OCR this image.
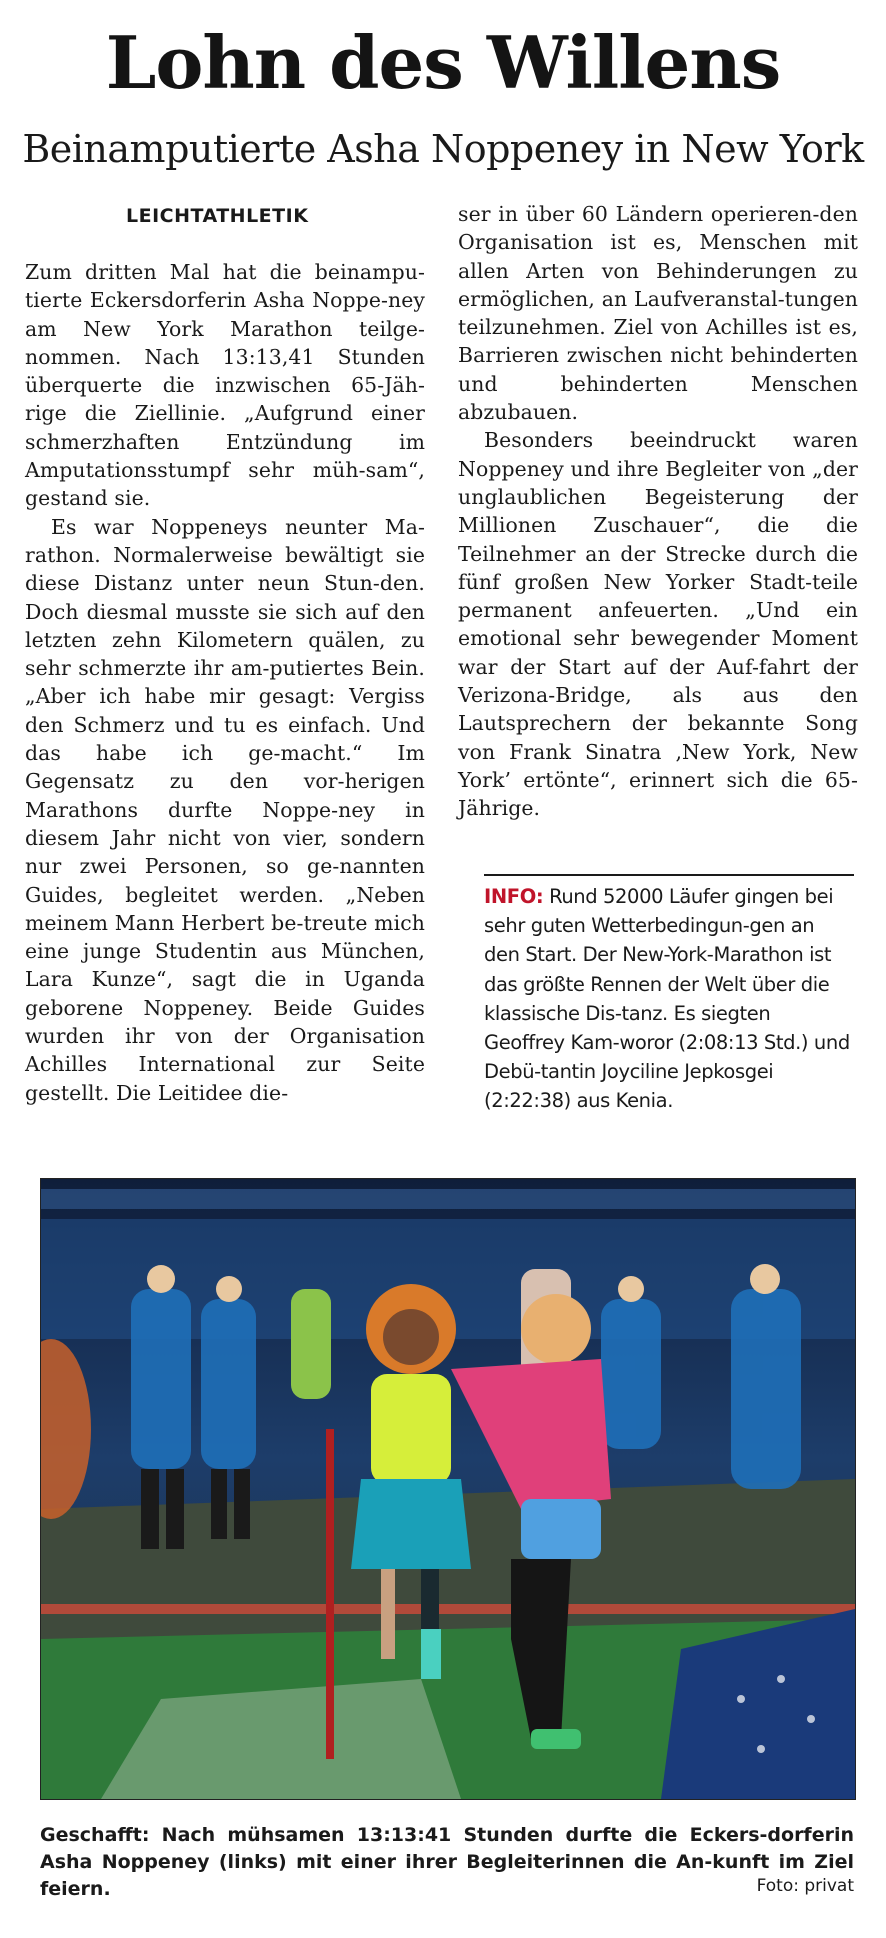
Lohn des Willens
Beinamputierte Asha Noppeney in New York
LEICHTATHLETIK

Zum dritten Mal hat die beinampu-tierte Eckersdorferin Asha Noppe-ney am New York Marathon teilge-nommen. Nach 13:13,41 Stunden überquerte die inzwischen 65-Jäh-rige die Ziellinie. „Aufgrund einer schmerzhaften Entzündung im Amputationsstumpf sehr müh-sam“, gestand sie.

Es war Noppeneys neunter Ma-rathon. Normalerweise bewältigt sie diese Distanz unter neun Stun-den. Doch diesmal musste sie sich auf den letzten zehn Kilometern quälen, zu sehr schmerzte ihr am-putiertes Bein. „Aber ich habe mir gesagt: Vergiss den Schmerz und tu es einfach. Und das habe ich ge-macht.“ Im Gegensatz zu den vor-herigen Marathons durfte Noppe-ney in diesem Jahr nicht von vier, sondern nur zwei Personen, so ge-nannten Guides, begleitet werden. „Neben meinem Mann Herbert be-treute mich eine junge Studentin aus München, Lara Kunze“, sagt die in Uganda geborene Noppeney. Beide Guides wurden ihr von der Organisation Achilles International zur Seite gestellt. Die Leitidee die-

ser in über 60 Ländern operieren-den Organisation ist es, Menschen mit allen Arten von Behinderungen zu ermöglichen, an Laufveranstal-tungen teilzunehmen. Ziel von Achilles ist es, Barrieren zwischen nicht behinderten und behinderten Menschen abzubauen.

Besonders beeindruckt waren Noppeney und ihre Begleiter von „der unglaublichen Begeisterung der Millionen Zuschauer“, die die Teilnehmer an der Strecke durch die fünf großen New Yorker Stadt-teile permanent anfeuerten. „Und ein emotional sehr bewegender Moment war der Start auf der Auf-fahrt der Verizona-Bridge, als aus den Lautsprechern der bekannte Song von Frank Sinatra ‚New York, New York’ ertönte“, erinnert sich die 65-Jährige.

INFO: Rund 52000 Läufer gingen bei sehr guten Wetterbedingun-gen an den Start. Der New-York-Marathon ist das größte Rennen der Welt über die klassische Dis-tanz. Es siegten Geoffrey Kam-woror (2:08:13 Std.) und Debü-tantin Joyciline Jepkosgei (2:22:38) aus Kenia.
Geschafft: Nach mühsamen 13:13:41 Stunden durfte die Eckers-dorferin Asha Noppeney (links) mit einer ihrer Begleiterinnen die An-kunft im Ziel feiern.	Foto: privat
